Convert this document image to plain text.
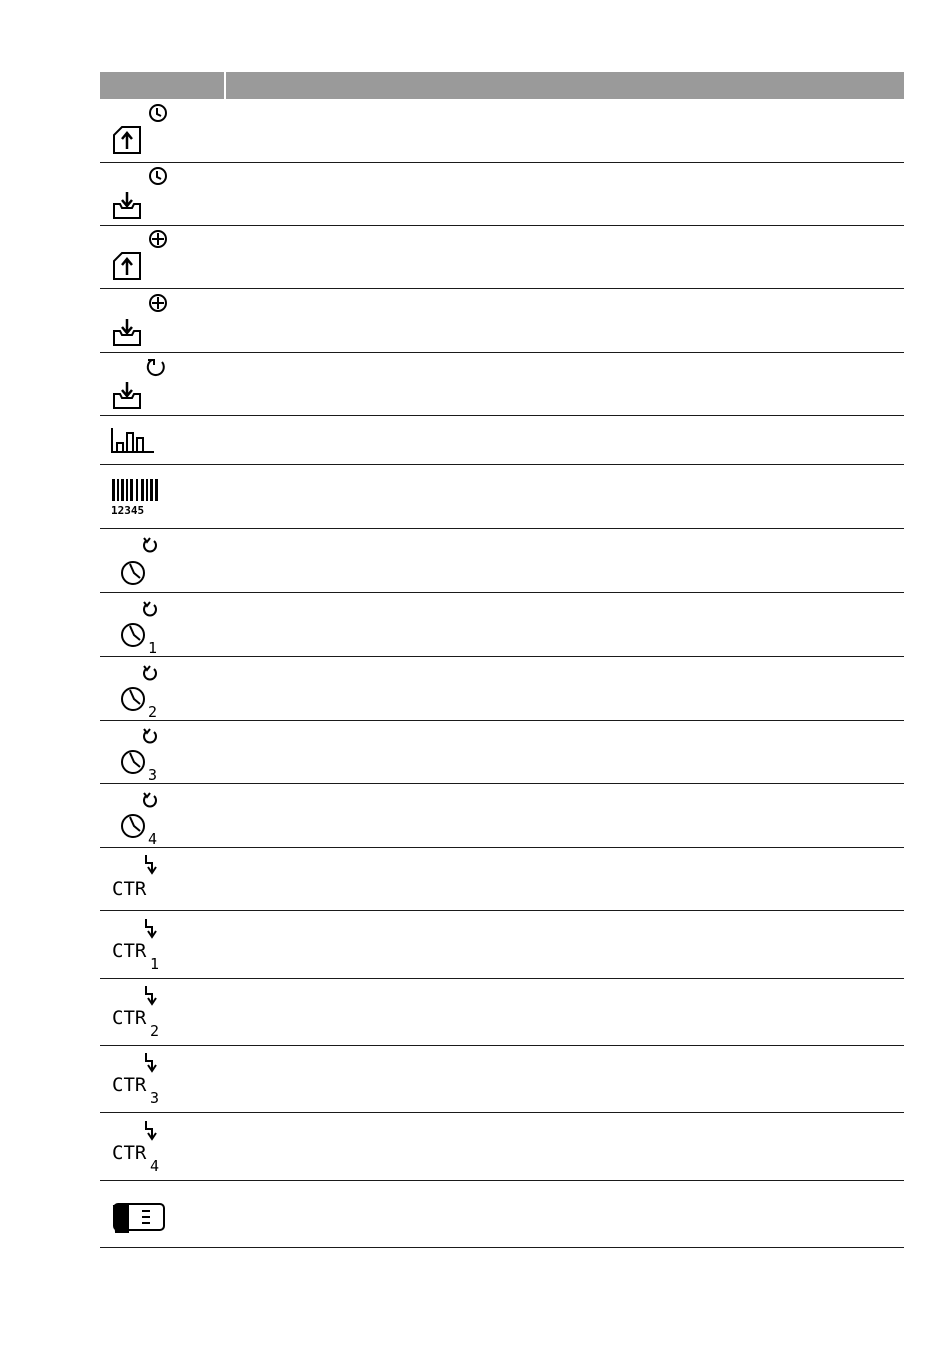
12345
1
2
3
4
CTR
CTR
1
CTR
2
CTR
3
CTR
4
